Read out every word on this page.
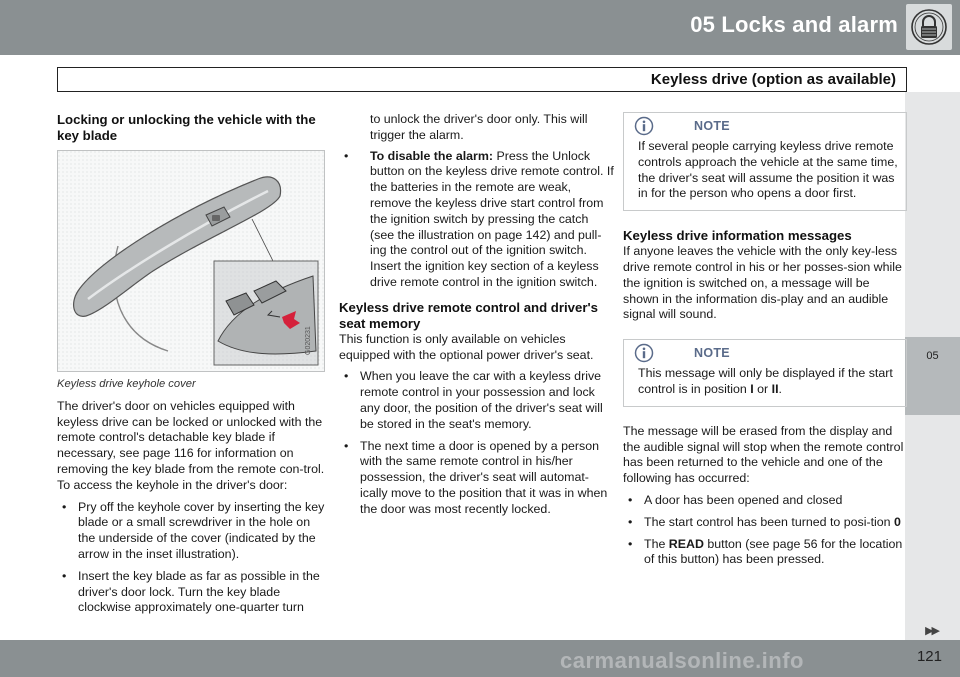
05 Locks and alarm
Keyless drive (option as available)
05
Locking or unlocking the vehicle with the key blade
G020231
Keyless drive keyhole cover

The driver's door on vehicles equipped with keyless drive can be locked or unlocked with the remote control's detachable key blade if necessary, see page 116 for information on removing the key blade from the remote con-trol. To access the keyhole in the driver's door:

• Pry off the keyhole cover by inserting the key blade or a small screwdriver in the hole on the underside of the cover (indicated by the arrow in the inset illustration).
• Insert the key blade as far as possible in the driver's door lock. Turn the key blade clockwise approximately one-quarter turn

to unlock the driver's door only. This will trigger the alarm.

• To disable the alarm: Press the Unlock button on the keyless drive remote control. If the batteries in the remote are weak, remove the keyless drive start control from the ignition switch by pressing the catch (see the illustration on page 142) and pull-ing the control out of the ignition switch. Insert the ignition key section of a keyless drive remote control in the ignition switch.
Keyless drive remote control and driver's seat memory

This function is only available on vehicles equipped with the optional power driver's seat.

• When you leave the car with a keyless drive remote control in your possession and lock any door, the position of the driver's seat will be stored in the seat's memory.
• The next time a door is opened by a person with the same remote control in his/her possession, the driver's seat will automat-ically move to the position that it was in when the door was most recently locked.
NOTE

If several people carrying keyless drive remote controls approach the vehicle at the same time, the driver's seat will assume the position it was in for the person who opens a door first.

Keyless drive information messages

If anyone leaves the vehicle with the only key-less drive remote control in his or her posses-sion while the ignition is switched on, a message will be shown in the information dis-play and an audible signal will sound.

NOTE

This message will only be displayed if the start control is in position I or II.

The message will be erased from the display and the audible signal will stop when the remote control has been returned to the vehicle and one of the following has occurred:

• A door has been opened and closed
• The start control has been turned to posi-tion 0
• The READ button (see page 56 for the location of this button) has been pressed.
▶▶
carmanualsonline.info	121
